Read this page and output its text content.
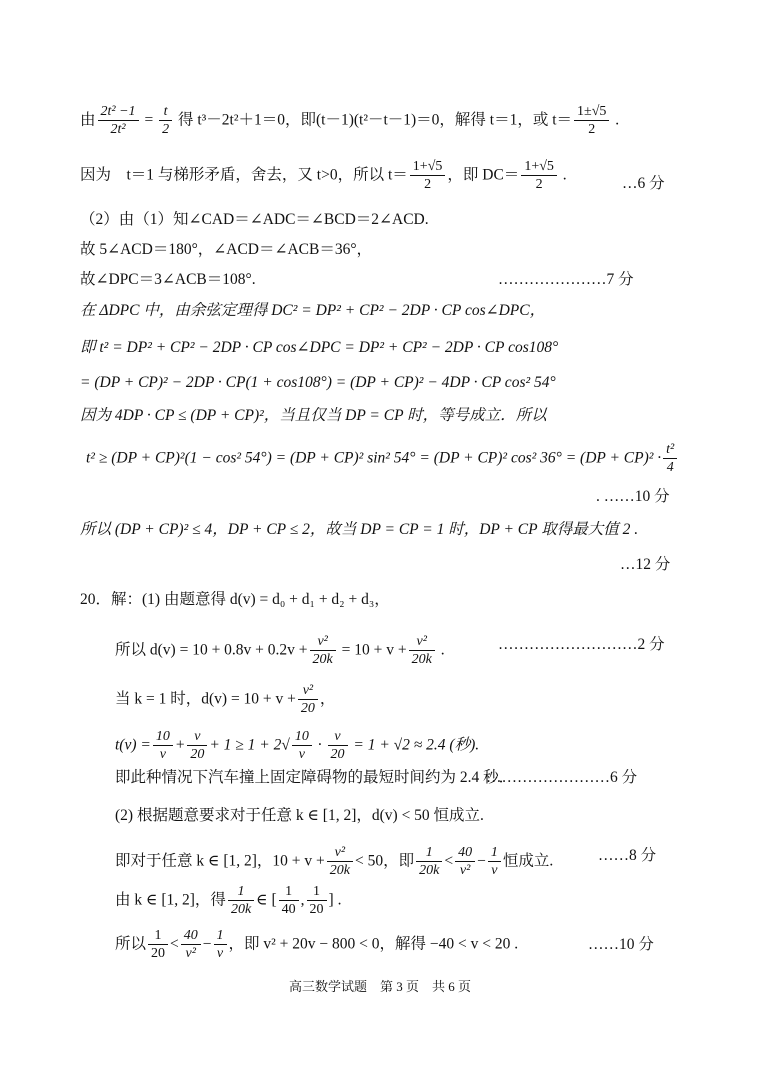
由 $\frac{\text{2t² −1}}{\text{2t²}} = \frac{t}{2}$ 得 t³－2t²＋1＝0，即(t－1)(t²－t－1)＝0，解得 t＝1，或 $t= \frac{1\pm√5}{2}$ .
因为　t＝1 与梯形矛盾，舍去，又 t>0，所以 $t= \frac{1+√5}{2}$ ，即 $DC= \frac{1+√5}{2}$ .	…6 分
（2）由（1）知∠CAD＝∠ADC＝∠BCD＝2∠ACD.
故 5∠ACD＝180°，∠ACD＝∠ACB＝36°，
故∠DPC＝3∠ACB＝108°.	…………………7 分
在 ΔDPC 中，由余弦定理得 DC² = DP² + CP² − 2DP · CP cos∠DPC，
即 t² = DP² + CP² − 2DP · CP cos∠DPC = DP² + CP² − 2DP · CP cos108°
= (DP + CP)² − 2DP · CP(1 + cos108°) = (DP + CP)² − 4DP · CP cos² 54°
因为 4DP · CP ≤ (DP + CP)²，当且仅当 DP = CP 时，等号成立．所以
t² ≥ (DP + CP)²(1 − cos² 54°) = (DP + CP)² sin² 54° = (DP + CP)² cos² $36^\circ = (DP + CP)^2 \cdot \frac{\text{t²}}{4}$
. ……10 分
所以 (DP + CP)² ≤ 4，DP + CP ≤ 2，故当 DP = CP = 1 时，DP + CP 取得最大值 2 .
…12 分
20．解：(1) 由题意得 d(v) = d₀ + d₁ + d₂ + d₃，
所以 $d(v) = 10 + 0.8v + 0.2v + \frac{\text{v²}}{20k} = 10 + v + \frac{\text{v²}}{20k}$ .	………………………2 分
当 k = 1 时，$d(v) = 10 + v + \frac{\text{v²}}{20}$ ，
$t(v) = \frac{10}{v} + \frac{v}{20} + 1 \ge 1 + 2√ \frac{10}{v} \cdot \frac{v}{20} = 1 + √2 \approx 2.4$ (秒).
即此种情况下汽车撞上固定障碍物的最短时间约为 2.4 秒．
……………………6 分
(2) 根据题意要求对于任意 k ∈ [1, 2]，d(v) < 50 恒成立.
即对于任意 k ∈ [1, 2]，$10 + v + \frac{\text{v²}}{20k} < 50$，即 $\frac{1}{20k} < \frac{40}{\text{v²}} - \frac{1}{v}$ 恒成立.	……8 分
由 k ∈ [1, 2]，得 $\frac{1}{20k}$ ∈ [ $\frac{1}{40}$ , $\frac{1}{20}$ ] .
所以 $\frac{1}{20} < \frac{40}{\text{v²}} - \frac{1}{v}$ ，即 v² + 20v − 800 < 0，解得 −40 < v < 20 .	……10 分
高三数学试题　第 3 页　共 6 页
